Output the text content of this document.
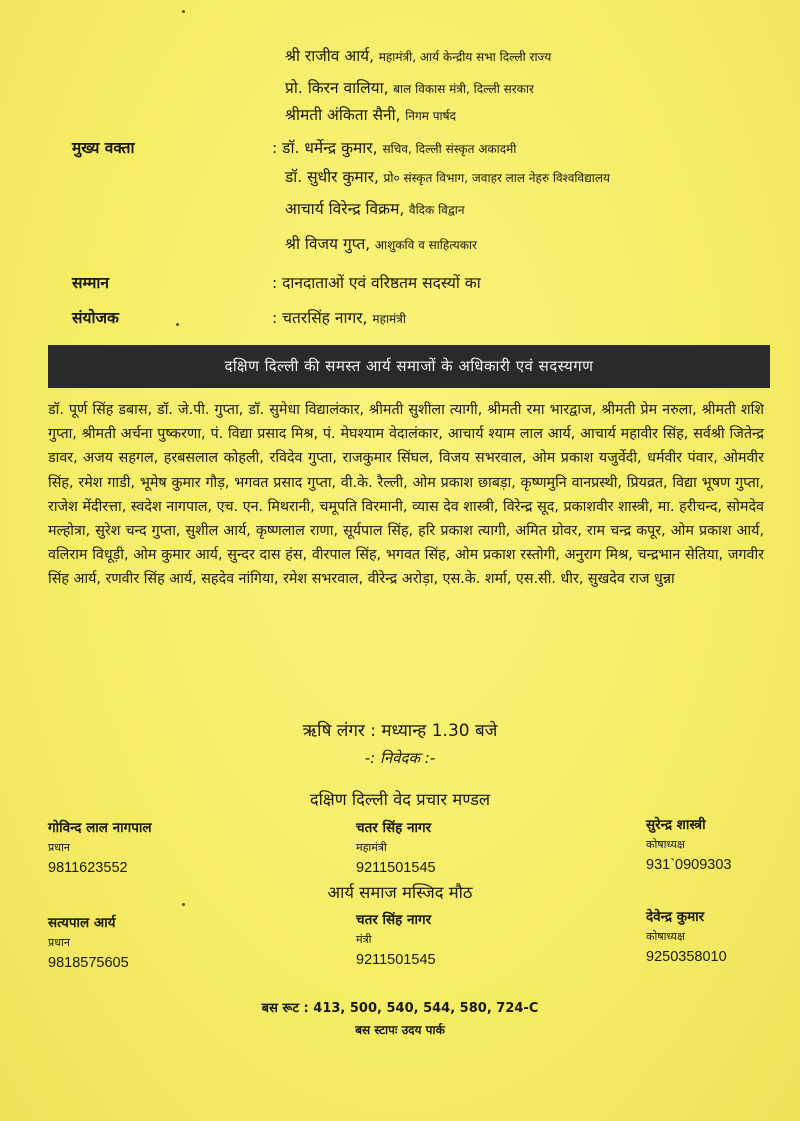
श्री राजीव आर्य, महामंत्री, आर्य केन्द्रीय सभा दिल्ली राज्य
प्रो. किरन वालिया, बाल विकास मंत्री, दिल्ली सरकार
श्रीमती अंकिता सैनी, निगम पार्षद
मुख्य वक्ता	: डॉ. धर्मेन्द्र कुमार, सचिव, दिल्ली संस्कृत अकादमी
डॉ. सुधीर कुमार, प्रो० संस्कृत विभाग, जवाहर लाल नेहरु विश्वविद्यालय
आचार्य विरेन्द्र विक्रम, वैदिक विद्वान
श्री विजय गुप्त, आशुकवि व साहित्यकार
सम्मान	: दानदाताओं एवं वरिष्ठतम सदस्यों का
संयोजक	: चतरसिंह नागर, महामंत्री
दक्षिण दिल्ली की समस्त आर्य समाजों के अधिकारी एवं सदस्यगण
डॉ. पूर्ण सिंह डबास, डॉ. जे.पी. गुप्ता, डॉ. सुमेधा विद्यालंकार, श्रीमती सुशीला त्यागी, श्रीमती रमा भारद्वाज, श्रीमती प्रेम नरुला, श्रीमती शशि गुप्ता, श्रीमती अर्चना पुष्करणा, पं. विद्या प्रसाद मिश्र, पं. मेघश्याम वेदालंकार, आचार्य श्याम लाल आर्य, आचार्य महावीर सिंह, सर्वश्री जितेन्द्र डावर, अजय सहगल, हरबसलाल कोहली, रविदेव गुप्ता, राजकुमार सिंघल, विजय सभरवाल, ओम प्रकाश यजुर्वेदी, धर्मवीर पंवार, ओमवीर सिंह, रमेश गाडी, भूमेष कुमार गौड़, भगवत प्रसाद गुप्ता, वी.के. रैल्ली, ओम प्रकाश छाबड़ा, कृष्णमुनि वानप्रस्थी, प्रियव्रत, विद्या भूषण गुप्ता, राजेश मेंदीरत्ता, स्वदेश नागपाल, एच. एन. मिथरानी, चमूपति विरमानी, व्यास देव शास्त्री, विरेन्द्र सूद, प्रकाशवीर शास्त्री, मा. हरीचन्द, सोमदेव मल्होत्रा, सुरेश चन्द गुप्ता, सुशील आर्य, कृष्णलाल राणा, सूर्यपाल सिंह, हरि प्रकाश त्यागी, अमित ग्रोवर, राम चन्द्र कपूर, ओम प्रकाश आर्य, वलिराम विधूड़ी, ओम कुमार आर्य, सुन्दर दास हंस, वीरपाल सिंह, भगवत सिंह, ओम प्रकाश रस्तोगी, अनुराग मिश्र, चन्द्रभान सेतिया, जगवीर सिंह आर्य, रणवीर सिंह आर्य, सहदेव नांगिया, रमेश सभरवाल, वीरेन्द्र अरोड़ा, एस.के. शर्मा, एस.सी. धीर, सुखदेव राज धुन्ना
ऋषि लंगर : मध्यान्ह 1.30 बजे
-: निवेदक :-
दक्षिण दिल्ली वेद प्रचार मण्डल
गोविन्द लाल नागपाल
प्रधान
9811623552
चतर सिंह नागर
महामंत्री
9211501545
सुरेन्द्र शास्त्री
कोषाध्यक्ष
931`0909303
आर्य समाज मस्जिद मौठ
सत्यपाल आर्य
प्रधान
9818575605
चतर सिंह नागर
मंत्री
9211501545
देवेन्द्र कुमार
कोषाध्यक्ष
9250358010
बस रूट : 413, 500, 540, 544, 580, 724-C
बस स्टापः उदय पार्क
